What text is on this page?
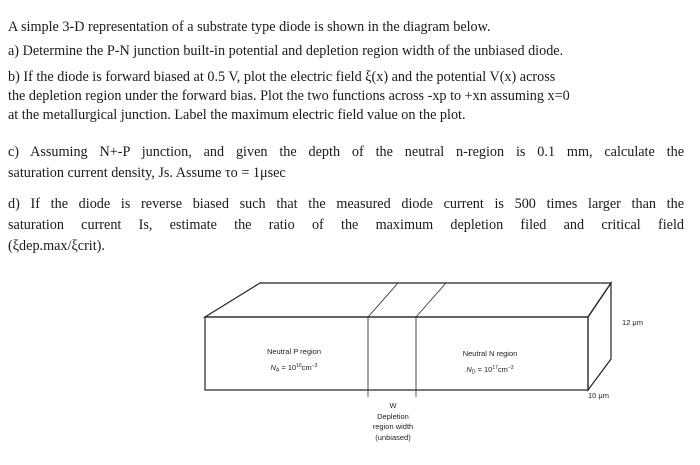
A simple 3-D representation of a substrate type diode is shown in the diagram below.

a) Determine the P-N junction built-in potential and depletion region width of the unbiased diode.

b) If the diode is forward biased at 0.5 V, plot the electric field ξ(x) and the potential V(x) across

the depletion region under the forward bias. Plot the two functions across -xp to +xn assuming x=0

at the metallurgical junction. Label the maximum electric field value on the plot.

c) Assuming N+-P junction, and given the depth of the neutral n-region is 0.1 mm, calculate the

saturation current density, Js. Assume τo = 1μsec

d) If the diode is reverse biased such that the measured diode current is 500 times larger than the

saturation current Is, estimate the ratio of the maximum depletion filed and critical field

(ξdep.max/ξcrit).

Neutral P region
$N_A = 10^{16}cm^{-3}$
Neutral N region
$N_D = 10^{17}cm^{-3}$
12 μm
10 μm
W
Depletion
region width
(unbiased)
